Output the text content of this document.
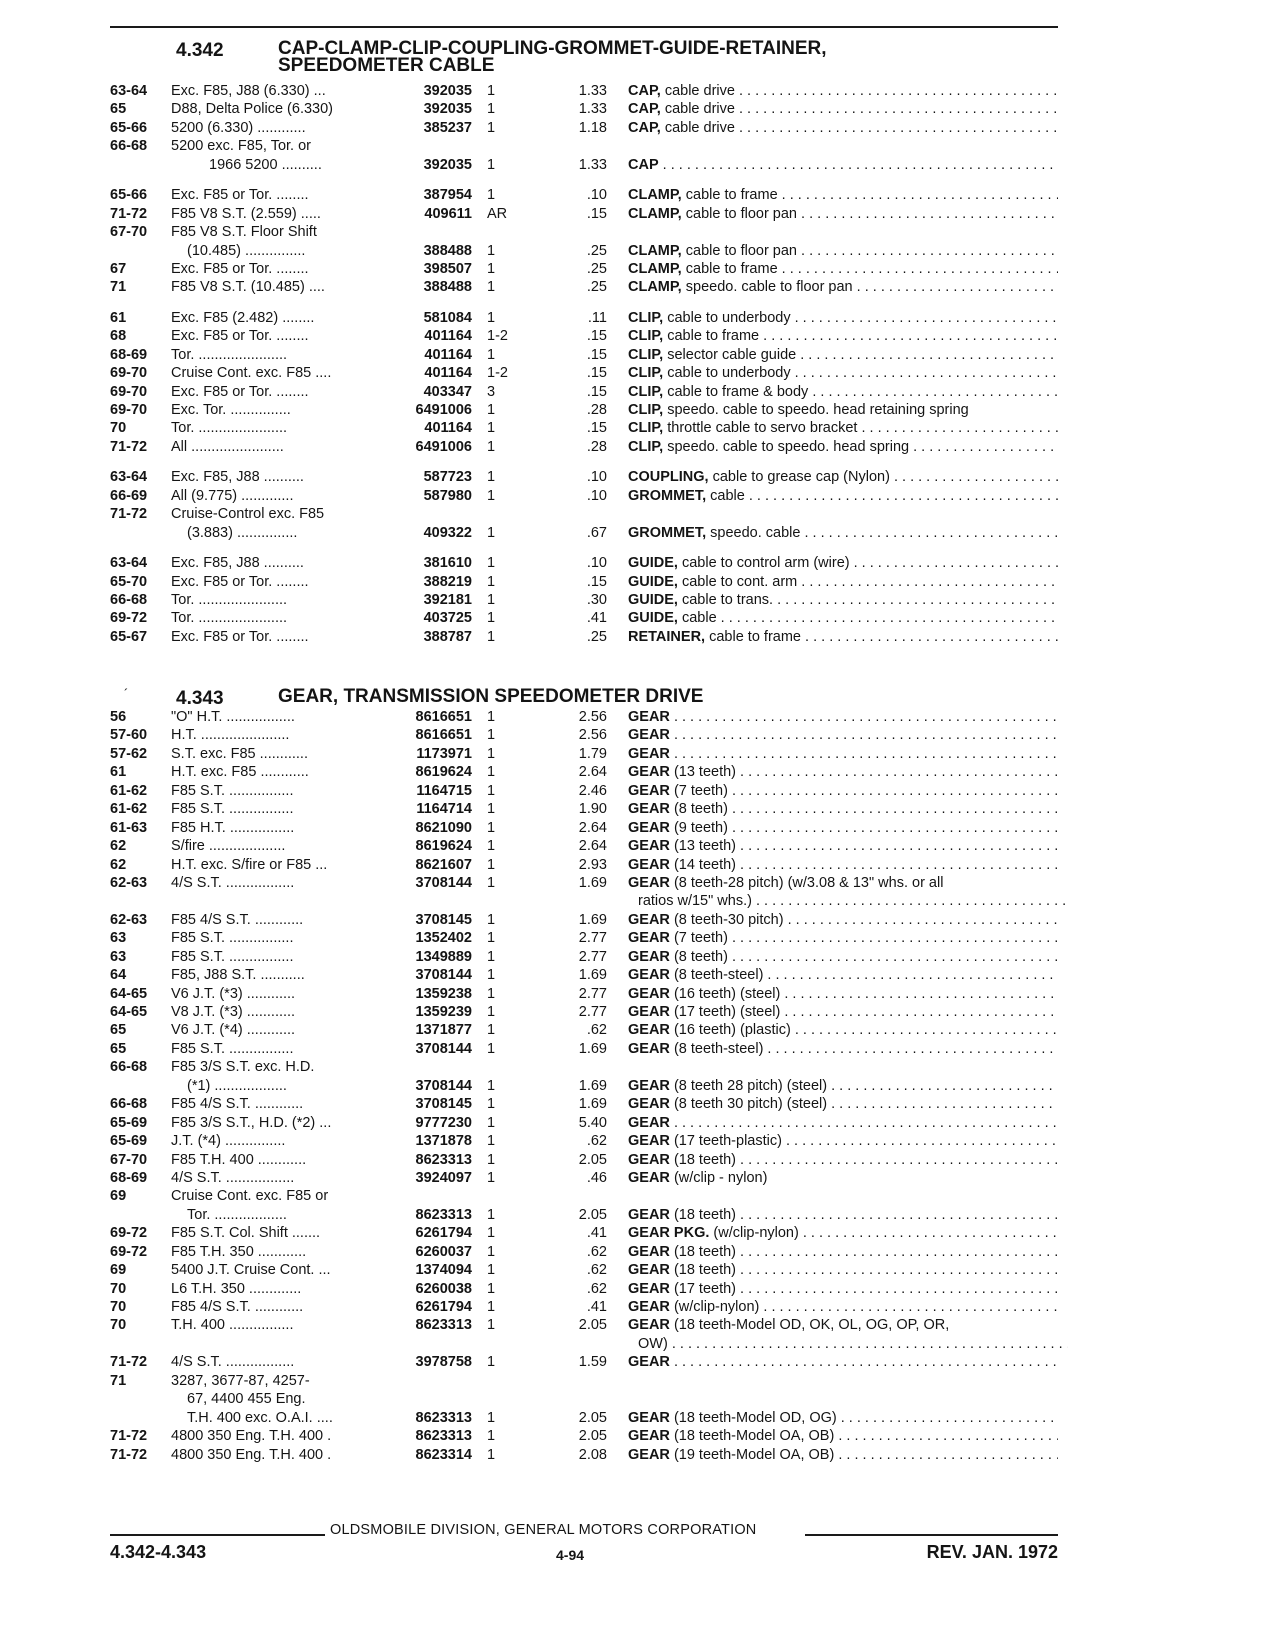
4.342	CAP-CLAMP-CLIP-COUPLING-GROMMET-GUIDE-RETAINER,
SPEEDOMETER CABLE
63-64	Exc. F85, J88 (6.330) ...	392035 1	1.33 CAP, cable drive . . .
65	D88, Delta Police (6.330)	392035 1	1.33 CAP, cable drive . . .
65-66	5200 (6.330) ............	385237 1	1.18 CAP, cable drive . . .
66-68	5200 exc. F85, Tor. or
1966 5200 ..........	392035 1	1.33 CAP . . .
65-66	Exc. F85 or Tor. ........	387954 1	.10 CLAMP, cable to frame . . .
71-72	F85 V8 S.T. (2.559) .....	409611 AR	.15 CLAMP, cable to floor pan . . .
67-70	F85 V8 S.T. Floor Shift
(10.485) ...............	388488 1	.25 CLAMP, cable to floor pan . . .
67	Exc. F85 or Tor. ........	398507 1	.25 CLAMP, cable to frame . . .
71	F85 V8 S.T. (10.485) ....	388488 1	.25 CLAMP, speedo. cable to floor pan . . .
61	Exc. F85 (2.482) ........	581084 1	.11 CLIP, cable to underbody . . .
68	Exc. F85 or Tor. ........	401164 1-2	.15 CLIP, cable to frame . . .
68-69	Tor. ......................	401164 1	.15 CLIP, selector cable guide . . .
69-70	Cruise Cont. exc. F85 ....	401164 1-2	.15 CLIP, cable to underbody . . .
69-70	Exc. F85 or Tor. ........	403347 3	.15 CLIP, cable to frame & body . . .
69-70	Exc. Tor. ...............	6491006 1	.28 CLIP, speedo. cable to speedo. head retaining spring
70	Tor. ......................	401164 1	.15 CLIP, throttle cable to servo bracket . . .
71-72	All .......................	6491006 1	.28 CLIP, speedo. cable to speedo. head spring . . .
63-64	Exc. F85, J88 ..........	587723 1	.10 COUPLING, cable to grease cap (Nylon) . . .
66-69	All (9.775) .............	587980 1	.10 GROMMET, cable . . .
71-72	Cruise-Control exc. F85
(3.883) ...............	409322 1	.67 GROMMET, speedo. cable . . .
63-64	Exc. F85, J88 ..........	381610 1	.10 GUIDE, cable to control arm (wire) . . .
65-70	Exc. F85 or Tor. ........	388219 1	.15 GUIDE, cable to cont. arm . . .
66-68	Tor. ......................	392181 1	.30 GUIDE, cable to trans. . . .
69-72	Tor. ......................	403725 1	.41 GUIDE, cable . . .
65-67	Exc. F85 or Tor. ........	388787 1	.25 RETAINER, cable to frame . . .
´	4.343	GEAR, TRANSMISSION SPEEDOMETER DRIVE
56	"O" H.T. .................	8616651 1	2.56 GEAR . . .
57-60	H.T. ......................	8616651 1	2.56 GEAR . . .
57-62	S.T. exc. F85 ............	1173971 1	1.79 GEAR . . .
61	H.T. exc. F85 ............	8619624 1	2.64 GEAR (13 teeth) . . .
61-62	F85 S.T. ................	1164715 1	2.46 GEAR (7 teeth) . . .
61-62	F85 S.T. ................	1164714 1	1.90 GEAR (8 teeth) . . .
61-63	F85 H.T. ................	8621090 1	2.64 GEAR (9 teeth) . . .
62	S/fire ...................	8619624 1	2.64 GEAR (13 teeth) . . .
62	H.T. exc. S/fire or F85 ...	8621607 1	2.93 GEAR (14 teeth) . . .
62-63	4/S S.T. .................	3708144 1	1.69 GEAR (8 teeth-28 pitch) (w/3.08 & 13" whs. or all
ratios w/15" whs.) . . .
62-63	F85 4/S S.T. ............	3708145 1	1.69 GEAR (8 teeth-30 pitch) . . .
63	F85 S.T. ................	1352402 1	2.77 GEAR (7 teeth) . . .
63	F85 S.T. ................	1349889 1	2.77 GEAR (8 teeth) . . .
64	F85, J88 S.T. ...........	3708144 1	1.69 GEAR (8 teeth-steel) . . .
64-65	V6 J.T. (*3) ............	1359238 1	2.77 GEAR (16 teeth) (steel) . . .
64-65	V8 J.T. (*3) ............	1359239 1	2.77 GEAR (17 teeth) (steel) . . .
65	V6 J.T. (*4) ............	1371877 1	.62 GEAR (16 teeth) (plastic) . . .
65	F85 S.T. ................	3708144 1	1.69 GEAR (8 teeth-steel) . . .
66-68	F85 3/S S.T. exc. H.D.
(*1) ..................	3708144 1	1.69 GEAR (8 teeth 28 pitch) (steel) . . .
66-68	F85 4/S S.T. ............	3708145 1	1.69 GEAR (8 teeth 30 pitch) (steel) . . .
65-69	F85 3/S S.T., H.D. (*2) ...	9777230 1	5.40 GEAR . . .
65-69	J.T. (*4) ...............	1371878 1	.62 GEAR (17 teeth-plastic) . . .
67-70	F85 T.H. 400 ............	8623313 1	2.05 GEAR (18 teeth) . . .
68-69	4/S S.T. .................	3924097 1	.46 GEAR (w/clip - nylon)
69	Cruise Cont. exc. F85 or
Tor. ..................	8623313 1	2.05 GEAR (18 teeth) . . .
69-72	F85 S.T. Col. Shift .......	6261794 1	.41 GEAR PKG. (w/clip-nylon) . . .
69-72	F85 T.H. 350 ............	6260037 1	.62 GEAR (18 teeth) . . .
69	5400 J.T. Cruise Cont. ...	1374094 1	.62 GEAR (18 teeth) . . .
70	L6 T.H. 350 .............	6260038 1	.62 GEAR (17 teeth) . . .
70	F85 4/S S.T. ............	6261794 1	.41 GEAR (w/clip-nylon) . . .
70	T.H. 400 ................	8623313 1	2.05 GEAR (18 teeth-Model OD, OK, OL, OG, OP, OR,
OW) . . .
71-72	4/S S.T. .................	3978758 1	1.59 GEAR . . .
71	3287, 3677-87, 4257-
67, 4400 455 Eng.
T.H. 400 exc. O.A.I. ....	8623313 1	2.05 GEAR (18 teeth-Model OD, OG) . . .
71-72	4800 350 Eng. T.H. 400 .	8623313 1	2.05 GEAR (18 teeth-Model OA, OB) . . .
71-72	4800 350 Eng. T.H. 400 .	8623314 1	2.08 GEAR (19 teeth-Model OA, OB) . . .
OLDSMOBILE DIVISION, GENERAL MOTORS CORPORATION
4.342-4.343	4-94	REV. JAN. 1972
